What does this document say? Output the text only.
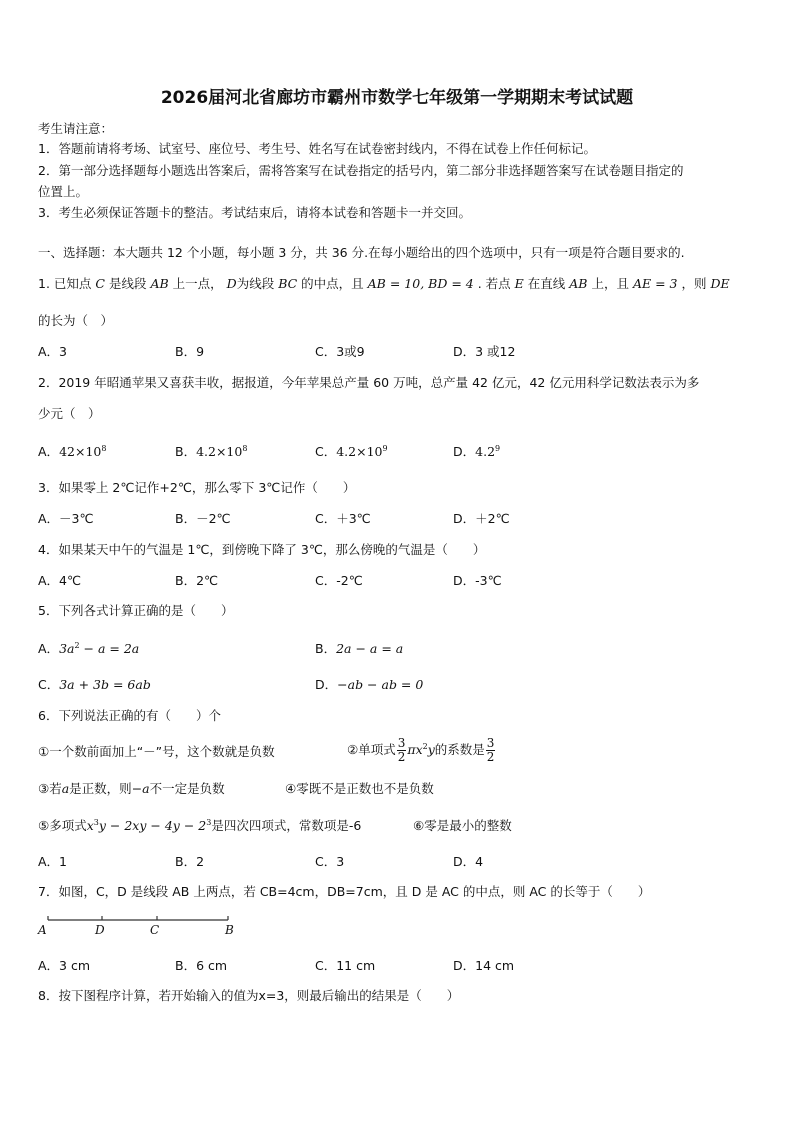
2026届河北省廊坊市霸州市数学七年级第一学期期末考试试题
考生请注意：
1．答题前请将考场、试室号、座位号、考生号、姓名写在试卷密封线内，不得在试卷上作任何标记。
2．第一部分选择题每小题选出答案后，需将答案写在试卷指定的括号内，第二部分非选择题答案写在试卷题目指定的
位置上。
3．考生必须保证答题卡的整洁。考试结束后，请将本试卷和答题卡一并交回。
一、选择题：本大题共 12 个小题，每小题 3 分，共 36 分.在每小题给出的四个选项中，只有一项是符合题目要求的.
1. 已知点 C 是线段 AB 上一点， D为线段 BC 的中点，且 AB = 10, BD = 4 . 若点 E 在直线 AB 上，且 AE = 3 ，则 DE
的长为（　）
A．3	B．9	C．3或9	D．3 或12
2．2019 年昭通苹果又喜获丰收，据报道，今年苹果总产量 60 万吨，总产量 42 亿元，42 亿元用科学记数法表示为多
少元（　）
A．$42\times 10^8$	B．$4.2\times 10^8$	C．$4.2\times 10^9$	D．$4.2^9$
3．如果零上 2℃记作+2℃，那么零下 3℃记作（　　）
A．－3℃	B．－2℃	C．＋3℃	D．＋2℃
4．如果某天中午的气温是 1℃，到傍晚下降了 3℃，那么傍晚的气温是（　　）
A．4℃	B．2℃	C．-2℃	D．-3℃
5．下列各式计算正确的是（　　）
A．$3a^2 - a = 2a$	B．2a − a = a
C．3a + 3b = 6ab	D．−ab − ab = 0
6．下列说法正确的有（　　）个
①一个数前面加上“－”号，这个数就是负数	②单项式 $\frac{3}{2} \pi x^2y$的系数是 $\frac{3}{2}$
③若a是正数，则−a不一定是负数	④零既不是正数也不是负数
⑤多项式$x^3y - 2xy - 4y - 2^3$是四次四项式，常数项是-6	⑥零是最小的整数
A．1	B．2	C．3	D．4
7．如图，C，D 是线段 AB 上两点，若 CB=4cm，DB=7cm，且 D 是 AC 的中点，则 AC 的长等于（　　）
A	D	C	B
A．3 cm	B．6 cm	C．11 cm	D．14 cm
8．按下图程序计算，若开始输入的值为x=3，则最后输出的结果是（　　）
